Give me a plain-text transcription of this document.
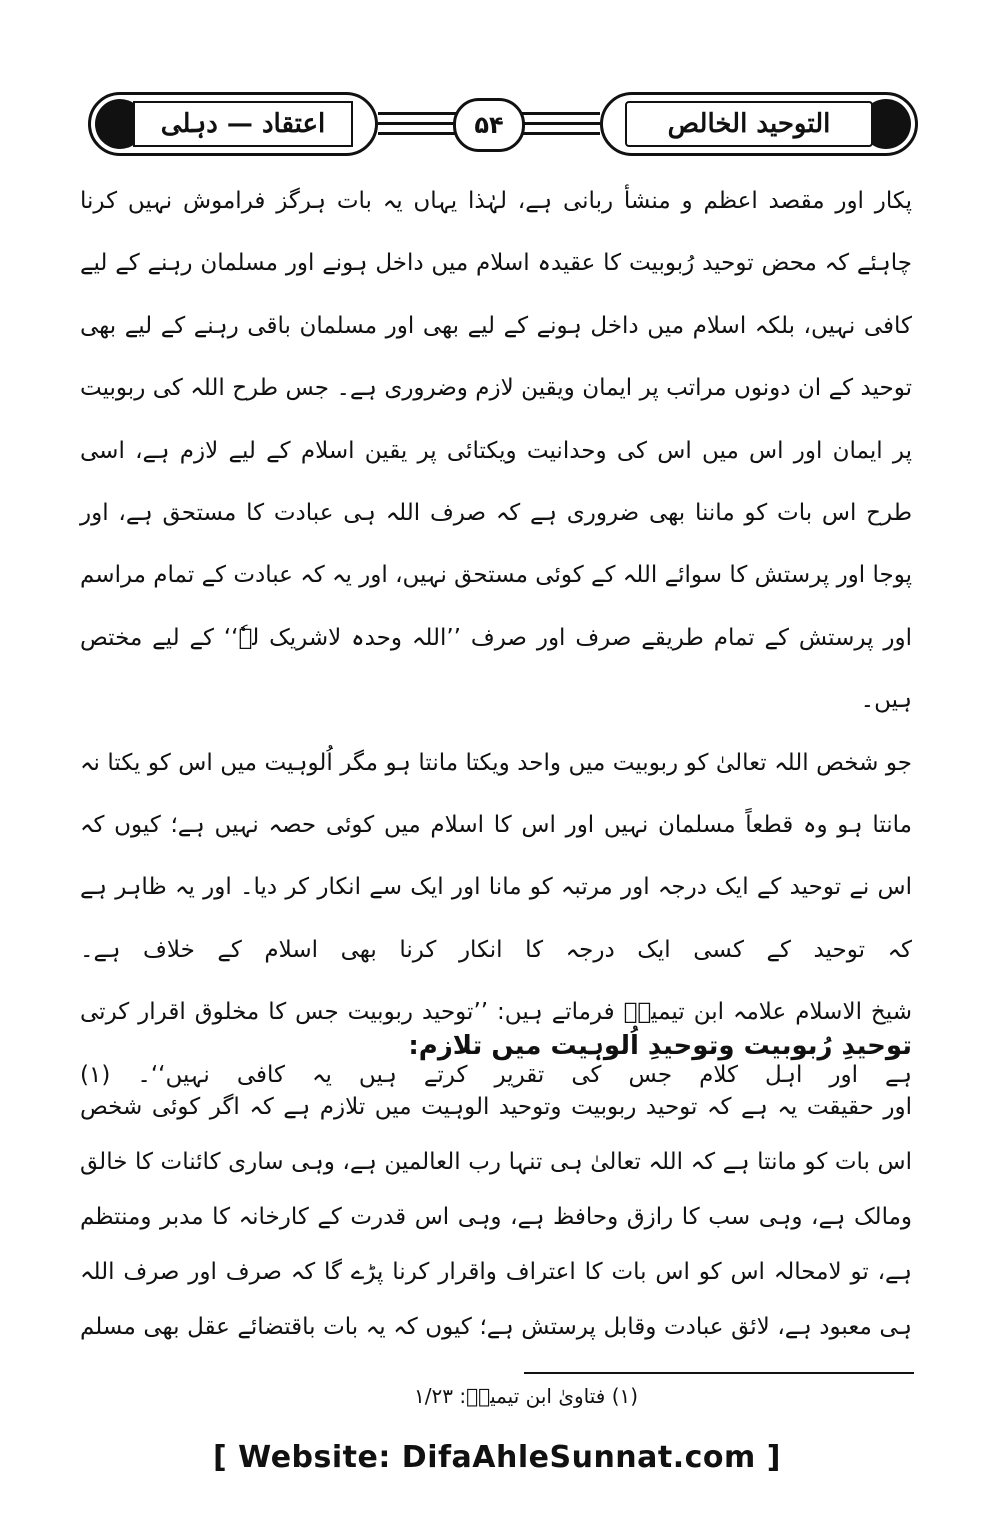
اعتقاد — دہلی	۵۴	التوحید الخالص

پکار اور مقصد اعظم و منشأ ربانی ہے، لہٰذا یہاں یہ بات ہرگز فراموش نہیں کرنا چاہئے کہ محض توحید رُبوبیت کا عقیدہ اسلام میں داخل ہونے اور مسلمان رہنے کے لیے کافی نہیں، بلکہ اسلام میں داخل ہونے کے لیے بھی اور مسلمان باقی رہنے کے لیے بھی توحید کے ان دونوں مراتب پر ایمان ویقین لازم وضروری ہے۔ جس طرح اللہ کی ربوبیت پر ایمان اور اس میں اس کی وحدانیت ویکتائی پر یقین اسلام کے لیے لازم ہے، اسی طرح اس بات کو ماننا بھی ضروری ہے کہ صرف اللہ ہی عبادت کا مستحق ہے، اور پوجا اور پرستش کا سوائے اللہ کے کوئی مستحق نہیں، اور یہ کہ عبادت کے تمام مراسم اور پرستش کے تمام طریقے صرف اور صرف ’’اللہ وحدہ لاشریک لہٗ‘‘ کے لیے مختص ہیں۔

جو شخص اللہ تعالیٰ کو ربوبیت میں واحد ویکتا مانتا ہو مگر اُلوہیت میں اس کو یکتا نہ مانتا ہو وہ قطعاً مسلمان نہیں اور اس کا اسلام میں کوئی حصہ نہیں ہے؛ کیوں کہ اس نے توحید کے ایک درجہ اور مرتبہ کو مانا اور ایک سے انکار کر دیا۔ اور یہ ظاہر ہے کہ توحید کے کسی ایک درجہ کا انکار کرنا بھی اسلام کے خلاف ہے۔

شیخ الاسلام علامہ ابن تیمیہؒ فرماتے ہیں: ’’توحید ربوبیت جس کا مخلوق اقرار کرتی ہے اور اہل کلام جس کی تقریر کرتے ہیں یہ کافی نہیں‘‘۔ (۱)

توحیدِ رُبوبیت وتوحیدِ اُلوہیت میں تلازم:

اور حقیقت یہ ہے کہ توحید ربوبیت وتوحید الوہیت میں تلازم ہے کہ اگر کوئی شخص اس بات کو مانتا ہے کہ اللہ تعالیٰ ہی تنہا رب العالمین ہے، وہی ساری کائنات کا خالق ومالک ہے، وہی سب کا رازق وحافظ ہے، وہی اس قدرت کے کارخانہ کا مدبر ومنتظم ہے، تو لامحالہ اس کو اس بات کا اعتراف واقرار کرنا پڑے گا کہ صرف اور صرف اللہ ہی معبود ہے، لائق عبادت وقابل پرستش ہے؛ کیوں کہ یہ بات باقتضائے عقل بھی مسلم

(۱) فتاویٰ ابن تیمیہؒ: ۱/۲۳
[ Website: DifaAhleSunnat.com ]
